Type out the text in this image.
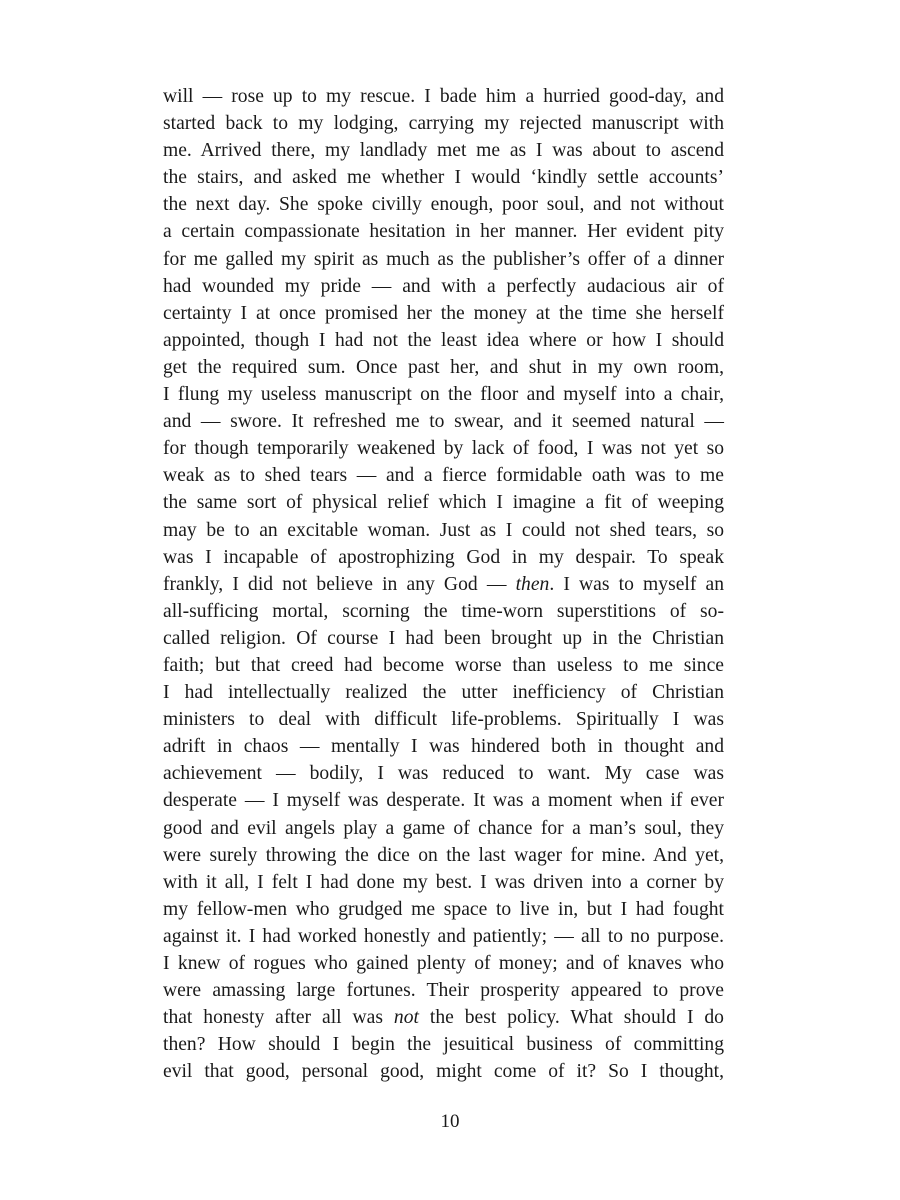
will — rose up to my rescue. I bade him a hurried good-day, and
started back to my lodging, carrying my rejected manuscript with
me. Arrived there, my landlady met me as I was about to ascend
the stairs, and asked me whether I would ‘kindly settle accounts’
the next day. She spoke civilly enough, poor soul, and not without
a certain compassionate hesitation in her manner. Her evident pity
for me galled my spirit as much as the publisher’s offer of a dinner
had wounded my pride — and with a perfectly audacious air of
certainty I at once promised her the money at the time she herself
appointed, though I had not the least idea where or how I should
get the required sum. Once past her, and shut in my own room,
I flung my useless manuscript on the floor and myself into a chair,
and — swore. It refreshed me to swear, and it seemed natural —
for though temporarily weakened by lack of food, I was not yet so
weak as to shed tears — and a fierce formidable oath was to me
the same sort of physical relief which I imagine a fit of weeping
may be to an excitable woman. Just as I could not shed tears, so
was I incapable of apostrophizing God in my despair. To speak
frankly, I did not believe in any God — then. I was to myself an
all-sufficing mortal, scorning the time-worn superstitions of so-
called religion. Of course I had been brought up in the Christian
faith; but that creed had become worse than useless to me since
I had intellectually realized the utter inefficiency of Christian
ministers to deal with difficult life-problems. Spiritually I was
adrift in chaos — mentally I was hindered both in thought and
achievement — bodily, I was reduced to want. My case was
desperate — I myself was desperate. It was a moment when if ever
good and evil angels play a game of chance for a man’s soul, they
were surely throwing the dice on the last wager for mine. And yet,
with it all, I felt I had done my best. I was driven into a corner by
my fellow-men who grudged me space to live in, but I had fought
against it. I had worked honestly and patiently; — all to no purpose.
I knew of rogues who gained plenty of money; and of knaves who
were amassing large fortunes. Their prosperity appeared to prove
that honesty after all was not the best policy. What should I do
then? How should I begin the jesuitical business of committing
evil that good, personal good, might come of it? So I thought,
10
